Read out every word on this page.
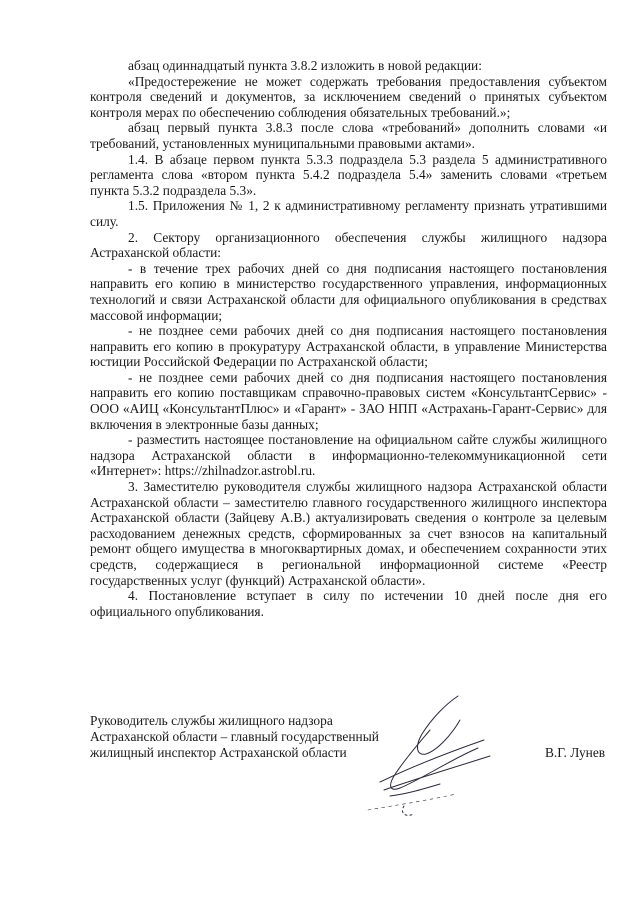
абзац одиннадцатый пункта 3.8.2 изложить в новой редакции:

«Предостережение не может содержать требования предоставления субъектом контроля сведений и документов, за исключением сведений о принятых субъектом контроля мерах по обеспечению соблюдения обязательных требований.»;

абзац первый пункта 3.8.3 после слова «требований» дополнить словами «и требований, установленных муниципальными правовыми актами».

1.4. В абзаце первом пункта 5.3.3 подраздела 5.3 раздела 5 административного регламента слова «втором пункта 5.4.2 подраздела 5.4» заменить словами «третьем пункта 5.3.2 подраздела 5.3».

1.5. Приложения № 1, 2 к административному регламенту признать утратившими силу.

2. Сектору организационного обеспечения службы жилищного надзора Астраханской области:

- в течение трех рабочих дней со дня подписания настоящего постановления направить его копию в министерство государственного управления, информационных технологий и связи Астраханской области для официального опубликования в средствах массовой информации;

- не позднее семи рабочих дней со дня подписания настоящего постановления направить его копию в прокуратуру Астраханской области, в управление Министерства юстиции Российской Федерации по Астраханской области;

- не позднее семи рабочих дней со дня подписания настоящего постановления направить его копию поставщикам справочно-правовых систем «КонсультантСервис» - ООО «АИЦ «КонсультантПлюс» и «Гарант» - ЗАО НПП «Астрахань-Гарант-Сервис» для включения в электронные базы данных;

- разместить настоящее постановление на официальном сайте службы жилищного надзора Астраханской области в информационно-телекоммуникационной сети «Интернет»: https://zhilnadzor.astrobl.ru.

3. Заместителю руководителя службы жилищного надзора Астраханской области Астраханской области – заместителю главного государственного жилищного инспектора Астраханской области (Зайцеву А.В.) актуализировать сведения о контроле за целевым расходованием денежных средств, сформированных за счет взносов на капитальный ремонт общего имущества в многоквартирных домах, и обеспечением сохранности этих средств, содержащиеся в региональной информационной системе «Реестр государственных услуг (функций) Астраханской области».

4. Постановление вступает в силу по истечении 10 дней после дня его официального опубликования.

Руководитель службы жилищного надзора
Астраханской области – главный государственный
жилищный инспектор Астраханской области	В.Г. Лунев
